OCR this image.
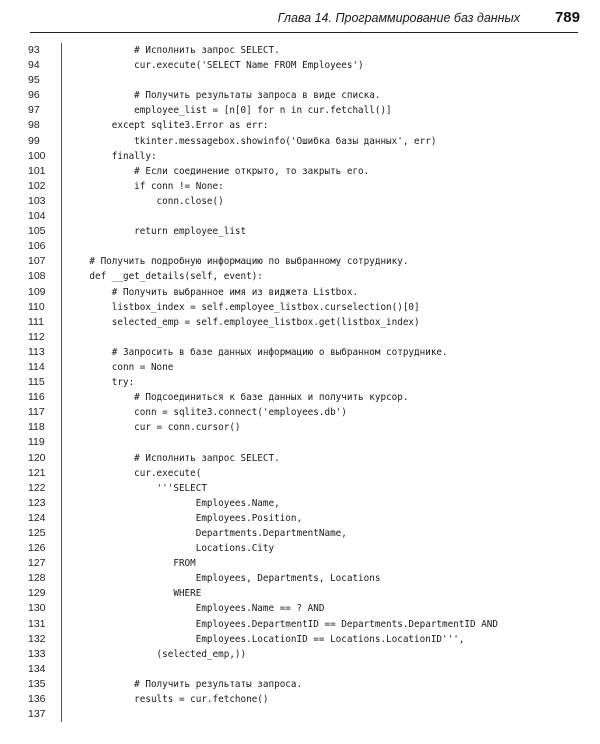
Глава 14. Программирование баз данных 789
93	# Исполнить запрос SELECT.
94	cur.execute('SELECT Name FROM Employees')
95
96	# Получить результаты запроса в виде списка.
97	employee_list = [n[0] for n in cur.fetchall()]
98	except sqlite3.Error as err:
99	tkinter.messagebox.showinfo('Ошибка базы данных', err)
100	finally:
101	# Если соединение открыто, то закрыть его.
102	if conn != None:
103	conn.close()
104
105	return employee_list
106
107	# Получить подробную информацию по выбранному сотруднику.
108	def __get_details(self, event):
109	# Получить выбранное имя из виджета Listbox.
110	listbox_index = self.employee_listbox.curselection()[0]
111	selected_emp = self.employee_listbox.get(listbox_index)
112
113	# Запросить в базе данных информацию о выбранном сотруднике.
114	conn = None
115	try:
116	# Подсоединиться к базе данных и получить курсор.
117	conn = sqlite3.connect('employees.db')
118	cur = conn.cursor()
119
120	# Исполнить запрос SELECT.
121	cur.execute(
122	'''SELECT
123	Employees.Name,
124	Employees.Position,
125	Departments.DepartmentName,
126	Locations.City
127	FROM
128	Employees, Departments, Locations
129	WHERE
130	Employees.Name == ? AND
131	Employees.DepartmentID == Departments.DepartmentID AND
132	Employees.LocationID == Locations.LocationID''',
133	(selected_emp,))
134
135	# Получить результаты запроса.
136	results = cur.fetchone()
137
